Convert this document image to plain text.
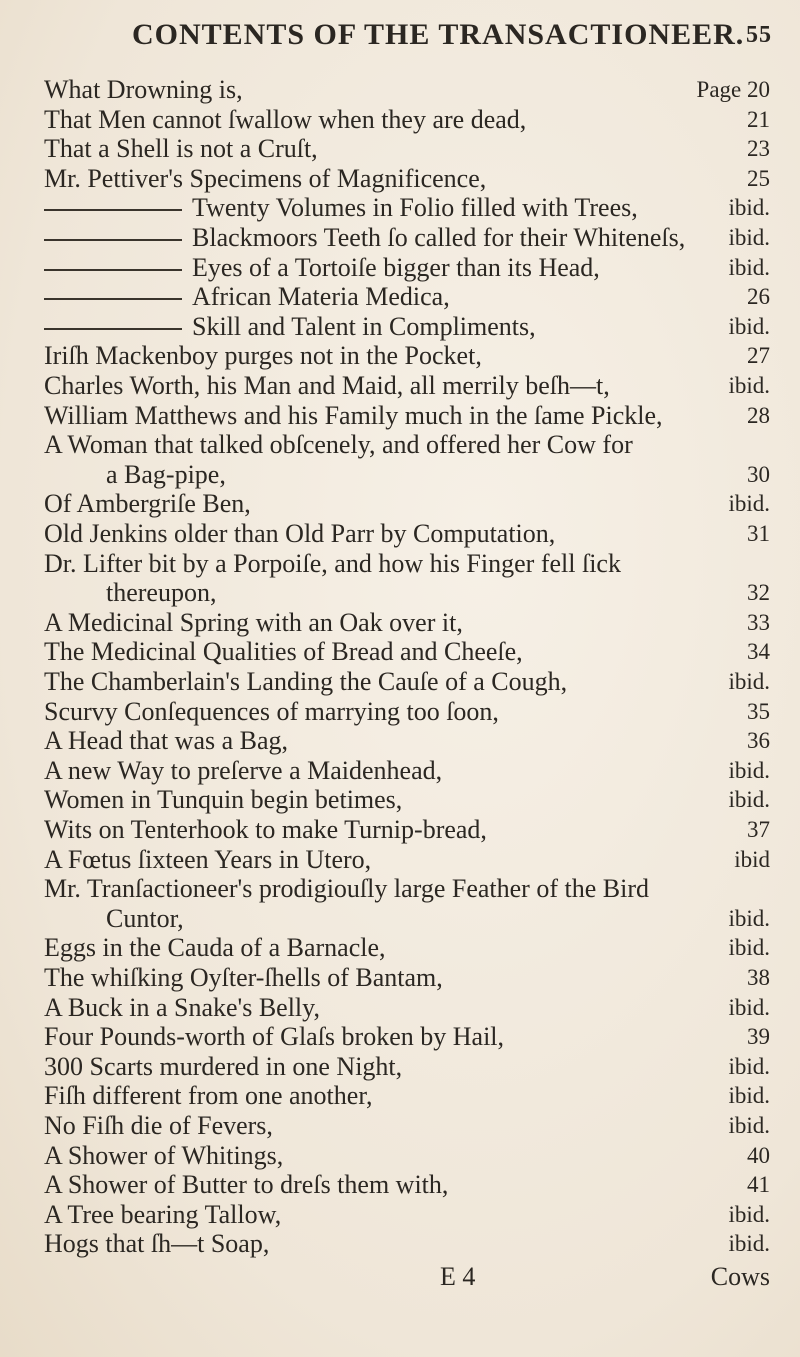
CONTENTS OF THE TRANSACTIONEER. 55
What Drowning is,	Page 20
That Men cannot ſwallow when they are dead,	21
That a Shell is not a Cruſt,	23
Mr. Pettiver's Specimens of Magnificence,	25
Twenty Volumes in Folio filled with Trees,	ibid.
Blackmoors Teeth ſo called for their Whiteneſs, ibid.
Eyes of a Tortoiſe bigger than its Head,	ibid.
African Materia Medica,	26
Skill and Talent in Compliments,	ibid.
Iriſh Mackenboy purges not in the Pocket,	27
Charles Worth, his Man and Maid, all merrily beſh—t,	ibid.
William Matthews and his Family much in the ſame Pickle,	28
A Woman that talked obſcenely, and offered her Cow for
a Bag-pipe,	30
Of Ambergriſe Ben,	ibid.
Old Jenkins older than Old Parr by Computation,	31
Dr. Lifter bit by a Porpoiſe, and how his Finger fell ſick
thereupon,	32
A Medicinal Spring with an Oak over it,	33
The Medicinal Qualities of Bread and Cheeſe,	34
The Chamberlain's Landing the Cauſe of a Cough,	ibid.
Scurvy Conſequences of marrying too ſoon,	35
A Head that was a Bag,	36
A new Way to preſerve a Maidenhead,	ibid.
Women in Tunquin begin betimes,	ibid.
Wits on Tenterhook to make Turnip-bread,	37
A Fœtus ſixteen Years in Utero,	ibid
Mr. Tranſactioneer's prodigiouſly large Feather of the Bird
Cuntor,	ibid.
Eggs in the Cauda of a Barnacle,	ibid.
The whiſking Oyſter-ſhells of Bantam,	38
A Buck in a Snake's Belly,	ibid.
Four Pounds-worth of Glaſs broken by Hail,	39
300 Scarts murdered in one Night,	ibid.
Fiſh different from one another,	ibid.
No Fiſh die of Fevers,	ibid.
A Shower of Whitings,	40
A Shower of Butter to dreſs them with,	41
A Tree bearing Tallow,	ibid.
Hogs that ſh—t Soap,	ibid.
E 4	Cows
